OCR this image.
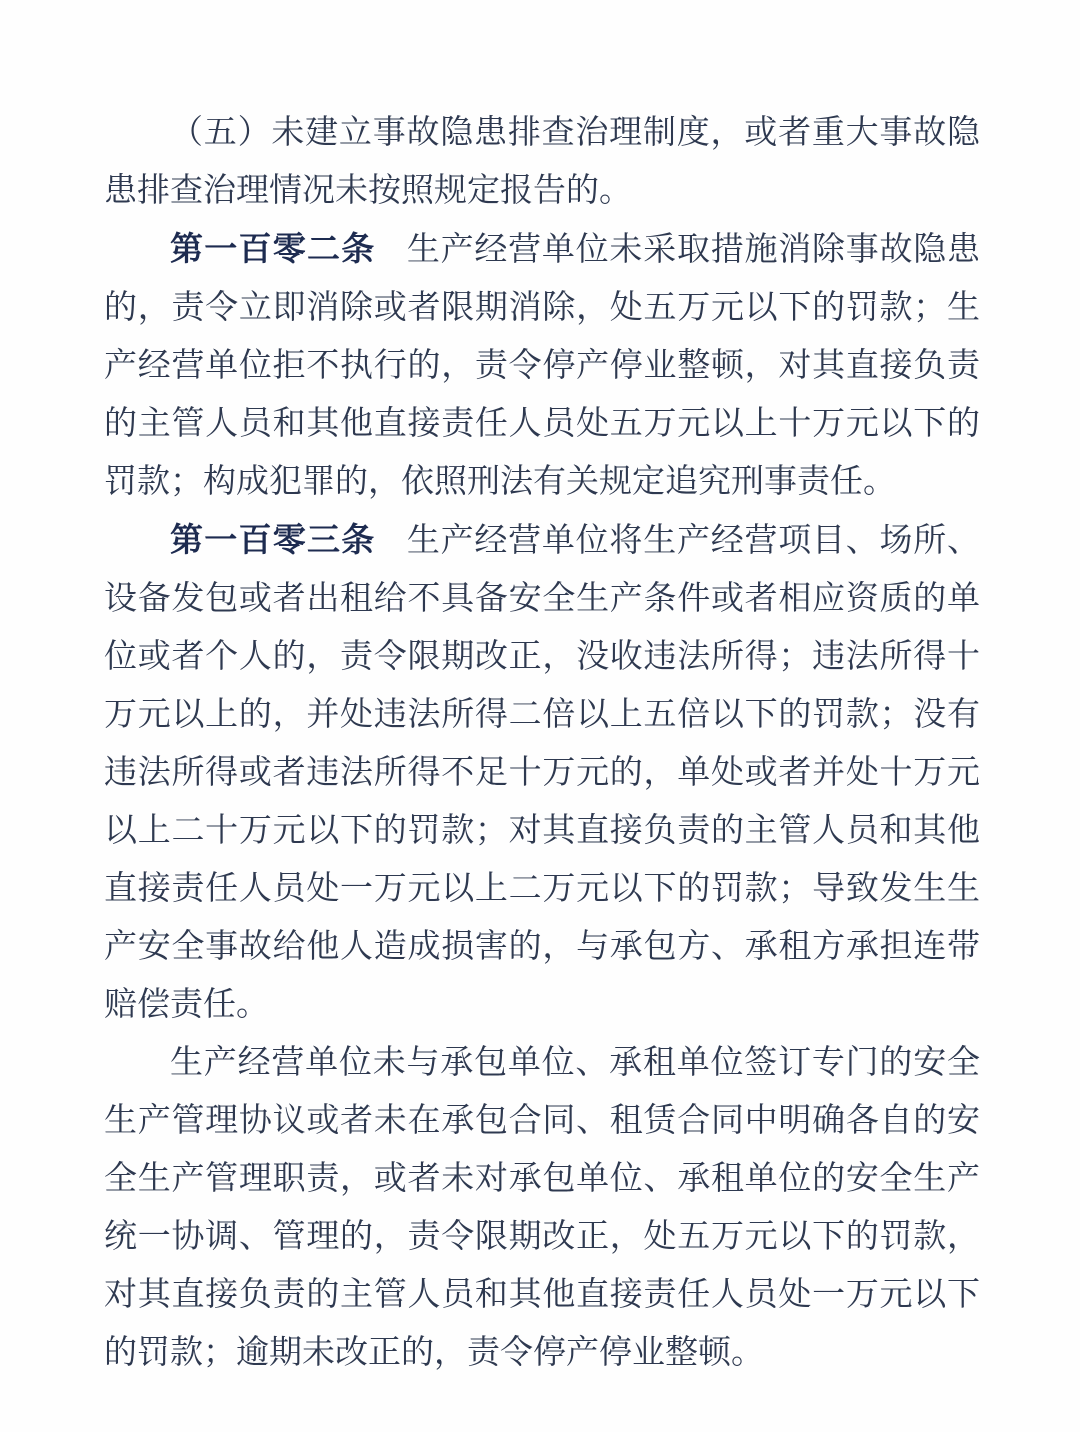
（五）未建立事故隐患排查治理制度，或者重大事故隐患排查治理情况未按照规定报告的。

第一百零二条 生产经营单位未采取措施消除事故隐患的，责令立即消除或者限期消除，处五万元以下的罚款；生产经营单位拒不执行的，责令停产停业整顿，对其直接负责的主管人员和其他直接责任人员处五万元以上十万元以下的罚款；构成犯罪的，依照刑法有关规定追究刑事责任。

第一百零三条 生产经营单位将生产经营项目、场所、设备发包或者出租给不具备安全生产条件或者相应资质的单位或者个人的，责令限期改正，没收违法所得；违法所得十万元以上的，并处违法所得二倍以上五倍以下的罚款；没有违法所得或者违法所得不足十万元的，单处或者并处十万元以上二十万元以下的罚款；对其直接负责的主管人员和其他直接责任人员处一万元以上二万元以下的罚款；导致发生生产安全事故给他人造成损害的，与承包方、承租方承担连带赔偿责任。

生产经营单位未与承包单位、承租单位签订专门的安全生产管理协议或者未在承包合同、租赁合同中明确各自的安全生产管理职责，或者未对承包单位、承租单位的安全生产统一协调、管理的，责令限期改正，处五万元以下的罚款，对其直接负责的主管人员和其他直接责任人员处一万元以下的罚款；逾期未改正的，责令停产停业整顿。
